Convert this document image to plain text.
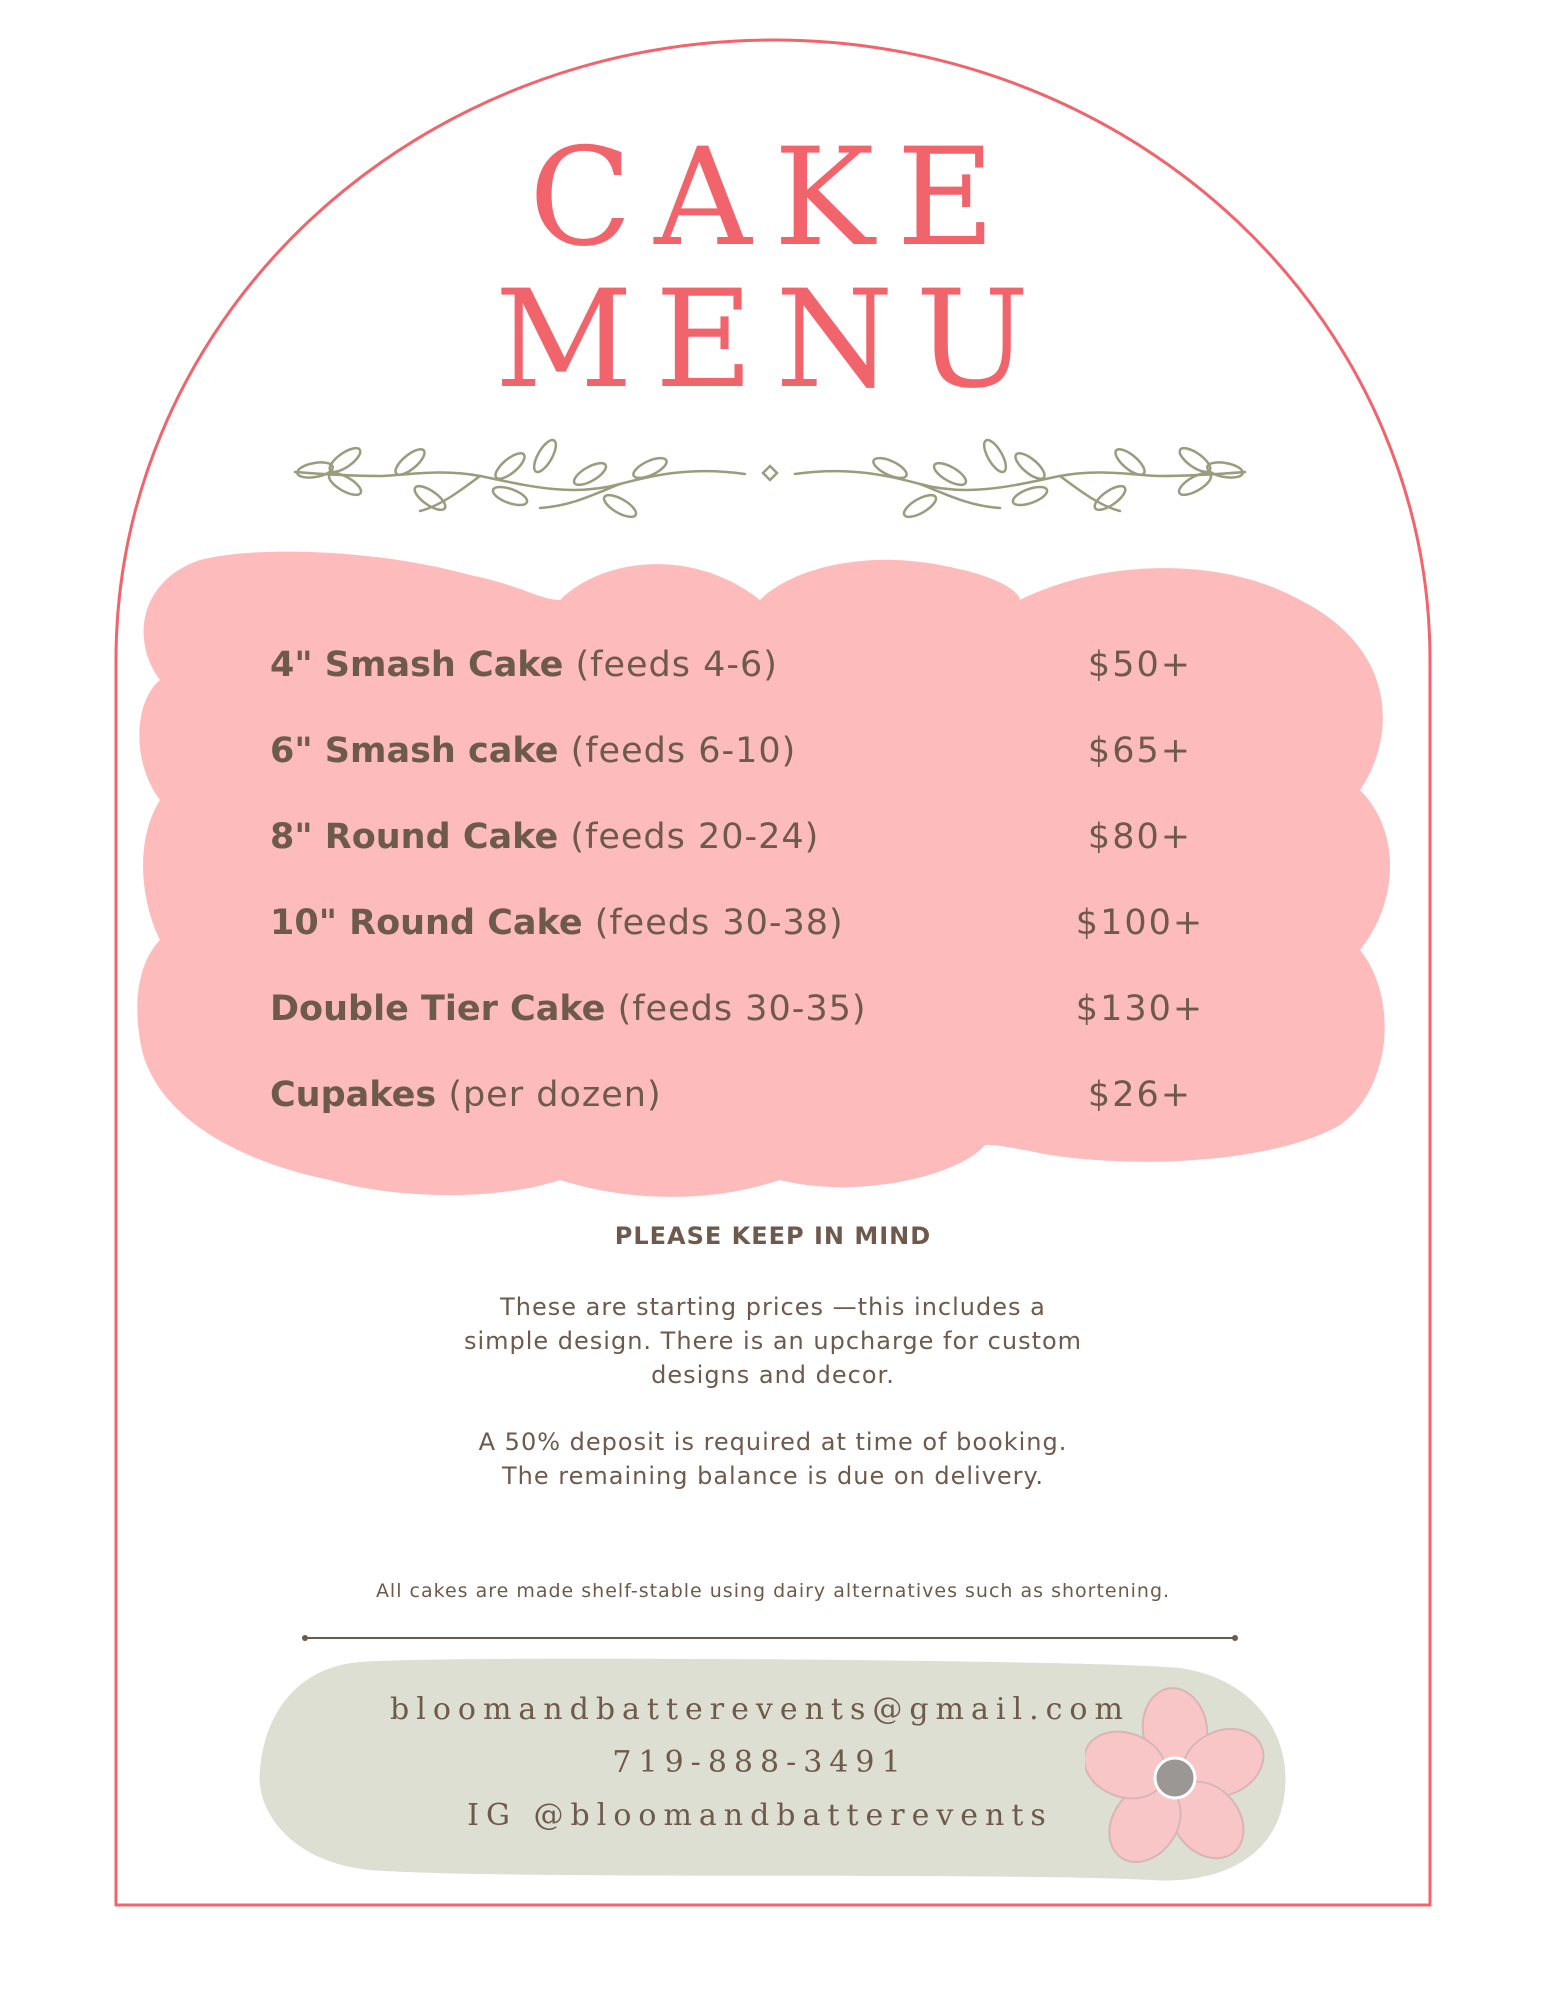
CAKE
MENU
4" Smash Cake (feeds 4-6)	$50+
6" Smash cake (feeds 6-10)	$65+
8" Round Cake (feeds 20-24)	$80+
10" Round Cake (feeds 30-38)	$100+
Double Tier Cake (feeds 30-35)	$130+
Cupakes (per dozen)	$26+
PLEASE KEEP IN MIND
These are starting prices —this includes a simple design. There is an upcharge for custom designs and decor.
A 50% deposit is required at time of booking. The remaining balance is due on delivery.
All cakes are made shelf-stable using dairy alternatives such as shortening.
bloomandbatterevents@gmail.com
719-888-3491
IG @bloomandbatterevents
